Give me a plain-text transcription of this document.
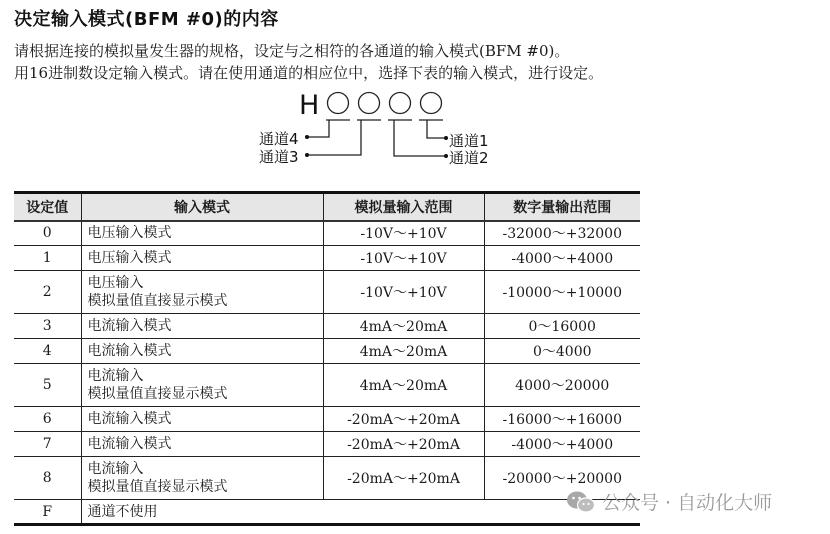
决定输入模式(BFM #0)的内容
请根据连接的模拟量发生器的规格，设定与之相符的各通道的输入模式(BFM #0)。
用16进制数设定输入模式。请在使用通道的相应位中，选择下表的输入模式，进行设定。
H
通道4
通道3
通道1
通道2
设定值	输入模式	模拟量输入范围	数字量输出范围
0	电压输入模式	-10V～+10V	-32000～+32000
1	电压输入模式	-10V～+10V	-4000～+4000
2	电压输入
模拟量值直接显示模式	-10V～+10V	-10000～+10000
3	电流输入模式	4mA～20mA	0～16000
4	电流输入模式	4mA～20mA	0～4000
5	电流输入
模拟量值直接显示模式	4mA～20mA	4000～20000
6	电流输入模式	-20mA～+20mA	-16000～+16000
7	电流输入模式	-20mA～+20mA	-4000～+4000
8	电流输入
模拟量值直接显示模式	-20mA～+20mA	-20000～+20000
F	通道不使用			公众号 · 自动化大师
